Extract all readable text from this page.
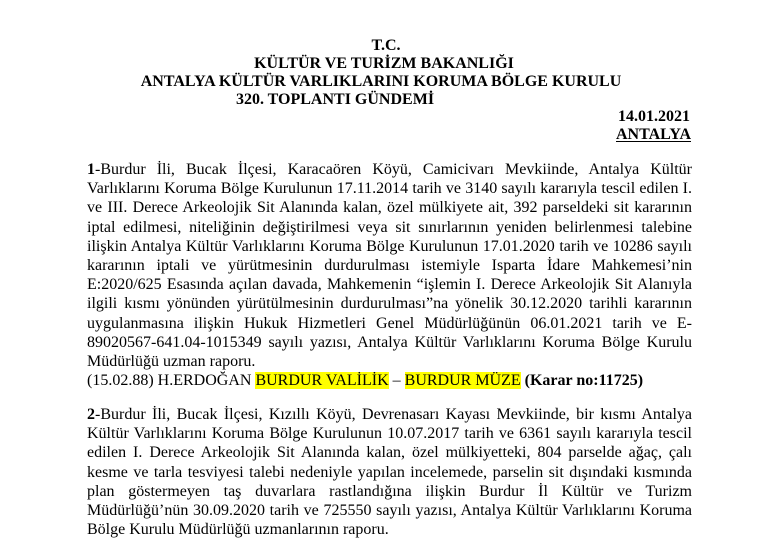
T.C.
KÜLTÜR VE TURİZM BAKANLIĞI
ANTALYA KÜLTÜR VARLIKLARINI KORUMA BÖLGE KURULU
320. TOPLANTI GÜNDEMİ
14.01.2021
ANTALYA

1-Burdur İli, Bucak İlçesi, Karacaören Köyü, Camicivarı Mevkiinde, Antalya Kültür Varlıklarını Koruma Bölge Kurulunun 17.11.2014 tarih ve 3140 sayılı kararıyla tescil edilen I. ve III. Derece Arkeolojik Sit Alanında kalan, özel mülkiyete ait, 392 parseldeki sit kararının iptal edilmesi, niteliğinin değiştirilmesi veya sit sınırlarının yeniden belirlenmesi talebine ilişkin Antalya Kültür Varlıklarını Koruma Bölge Kurulunun 17.01.2020 tarih ve 10286 sayılı kararının iptali ve yürütmesinin durdurulması istemiyle Isparta İdare Mahkemesi’nin E:2020/625 Esasında açılan davada, Mahkemenin “işlemin I. Derece Arkeolojik Sit Alanıyla ilgili kısmı yönünden yürütülmesinin durdurulması”na yönelik 30.12.2020 tarihli kararının uygulanmasına ilişkin Hukuk Hizmetleri Genel Müdürlüğünün 06.01.2021 tarih ve E-89020567-641.04-1015349 sayılı yazısı, Antalya Kültür Varlıklarını Koruma Bölge Kurulu Müdürlüğü uzman raporu.

(15.02.88) H.ERDOĞAN BURDUR VALİLİK – BURDUR MÜZE (Karar no:11725)

2-Burdur İli, Bucak İlçesi, Kızıllı Köyü, Devrenasarı Kayası Mevkiinde, bir kısmı Antalya Kültür Varlıklarını Koruma Bölge Kurulunun 10.07.2017 tarih ve 6361 sayılı kararıyla tescil edilen I. Derece Arkeolojik Sit Alanında kalan, özel mülkiyetteki, 804 parselde ağaç, çalı kesme ve tarla tesviyesi talebi nedeniyle yapılan incelemede, parselin sit dışındaki kısmında plan göstermeyen taş duvarlara rastlandığına ilişkin Burdur İl Kültür ve Turizm Müdürlüğü’nün 30.09.2020 tarih ve 725550 sayılı yazısı, Antalya Kültür Varlıklarını Koruma Bölge Kurulu Müdürlüğü uzmanlarının raporu.
